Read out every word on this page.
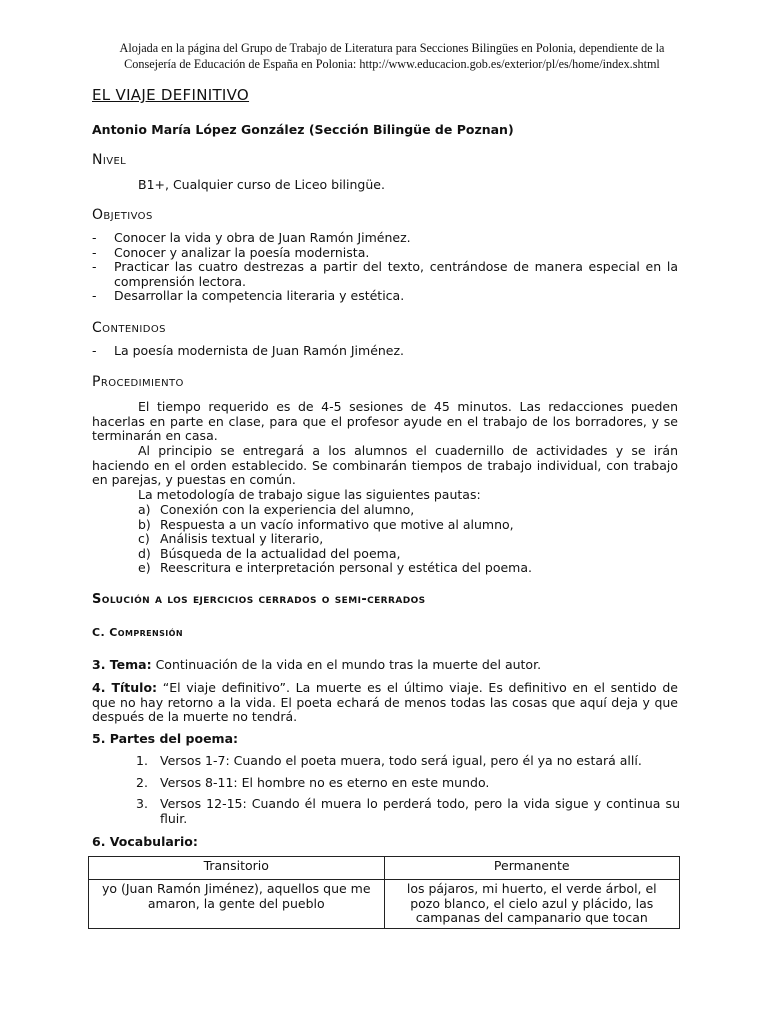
Alojada en la página del Grupo de Trabajo de Literatura para Secciones Bilingües en Polonia, dependiente de la Consejería de Educación de España en Polonia: http://www.educacion.gob.es/exterior/pl/es/home/index.shtml
EL VIAJE DEFINITIVO
Antonio María López González (Sección Bilingüe de Poznan)
Nivel
B1+, Cualquier curso de Liceo bilingüe.
Objetivos
-	Conocer la vida y obra de Juan Ramón Jiménez.
-	Conocer y analizar la poesía modernista.
-	Practicar las cuatro destrezas a partir del texto, centrándose de manera especial en la comprensión lectora.
-	Desarrollar la competencia literaria y estética.
Contenidos
-	La poesía modernista de Juan Ramón Jiménez.
Procedimiento
El tiempo requerido es de 4-5 sesiones de 45 minutos. Las redacciones pueden hacerlas en parte en clase, para que el profesor ayude en el trabajo de los borradores, y se terminarán en casa.
Al principio se entregará a los alumnos el cuadernillo de actividades y se irán haciendo en el orden establecido. Se combinarán tiempos de trabajo individual, con trabajo en parejas, y puestas en común.
La metodología de trabajo sigue las siguientes pautas:
a) Conexión con la experiencia del alumno,
b) Respuesta a un vacío informativo que motive al alumno,
c) Análisis textual y literario,
d) Búsqueda de la actualidad del poema,
e) Reescritura e interpretación personal y estética del poema.
Solución a los ejercicios cerrados o semi-cerrados
C. Comprensión
3. Tema: Continuación de la vida en el mundo tras la muerte del autor.
4. Título: “El viaje definitivo”. La muerte es el último viaje. Es definitivo en el sentido de que no hay retorno a la vida. El poeta echará de menos todas las cosas que aquí deja y que después de la muerte no tendrá.
5. Partes del poema:
1. Versos 1-7: Cuando el poeta muera, todo será igual, pero él ya no estará allí.
2. Versos 8-11: El hombre no es eterno en este mundo.
3. Versos 12-15: Cuando él muera lo perderá todo, pero la vida sigue y continua su fluir.
6. Vocabulario:
Transitorio	Permanente
yo (Juan Ramón Jiménez), aquellos que me amaron, la gente del pueblo	los pájaros, mi huerto, el verde árbol, el pozo blanco, el cielo azul y plácido, las campanas del campanario que tocan
